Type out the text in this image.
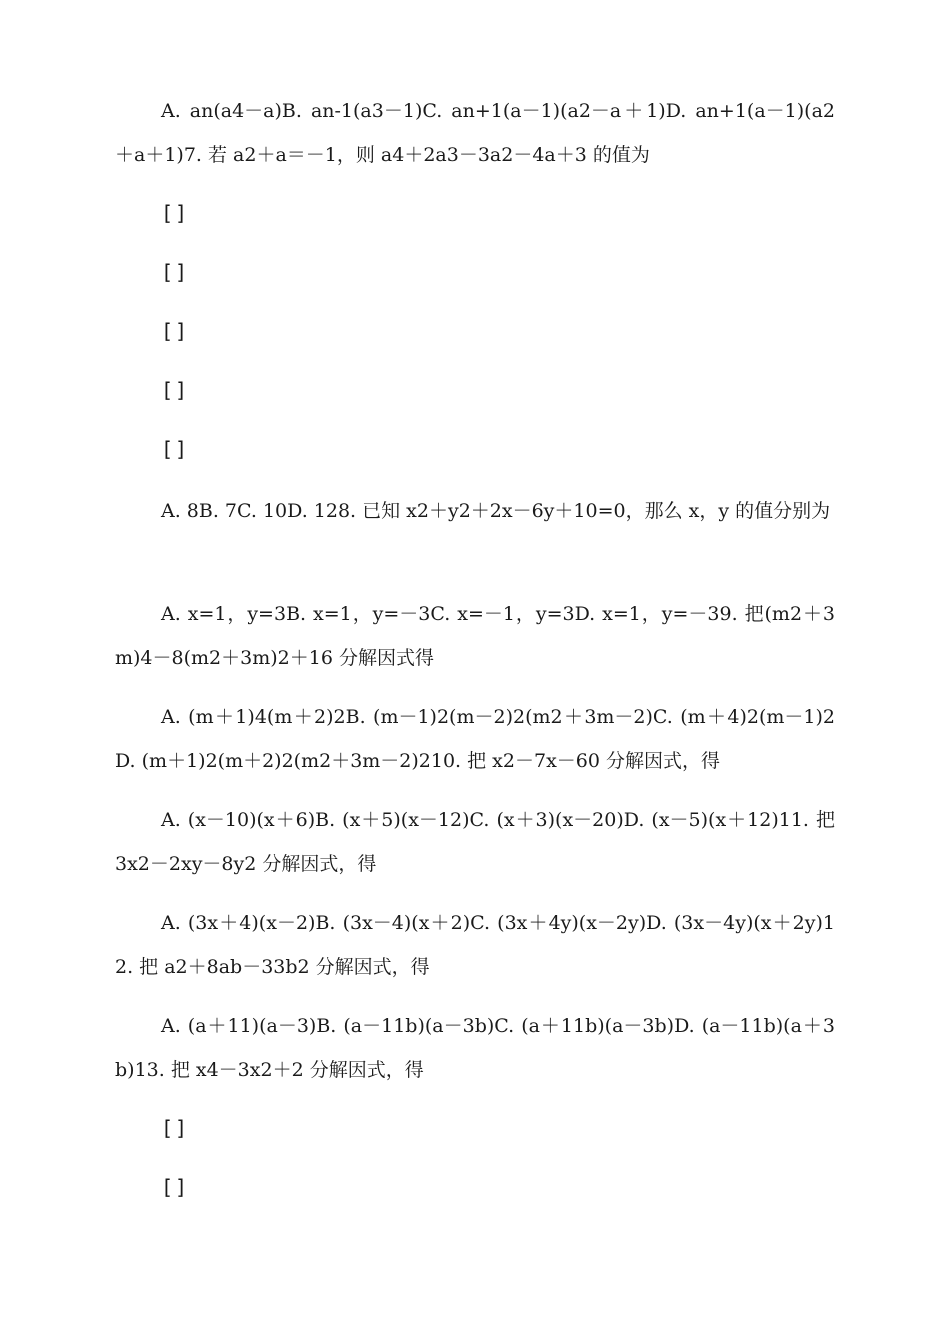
A. an(a4－a)B. an-1(a3－1)C. an+1(a－1)(a2－a＋1)D. an+1(a－1)(a2＋a＋1)7. 若 a2＋a＝－1，则 a4＋2a3－3a2－4a＋3 的值为
[]
[]
[]
[]
[]
A. 8B. 7C. 10D. 128. 已知 x2＋y2＋2x－6y＋10=0，那么 x，y 的值分别为
A. x=1，y=3B. x=1，y=－3C. x=－1，y=3D. x=1，y=－39. 把(m2＋3m)4－8(m2＋3m)2＋16 分解因式得
A. (m＋1)4(m＋2)2B. (m－1)2(m－2)2(m2＋3m－2)C. (m＋4)2(m－1)2D. (m＋1)2(m＋2)2(m2＋3m－2)210. 把 x2－7x－60 分解因式，得
A. (x－10)(x＋6)B. (x＋5)(x－12)C. (x＋3)(x－20)D. (x－5)(x＋12)11. 把 3x2－2xy－8y2 分解因式，得
A. (3x＋4)(x－2)B. (3x－4)(x＋2)C. (3x＋4y)(x－2y)D. (3x－4y)(x＋2y)12. 把 a2＋8ab－33b2 分解因式，得
A. (a＋11)(a－3)B. (a－11b)(a－3b)C. (a＋11b)(a－3b)D. (a－11b)(a＋3b)13. 把 x4－3x2＋2 分解因式，得
[]
[]
